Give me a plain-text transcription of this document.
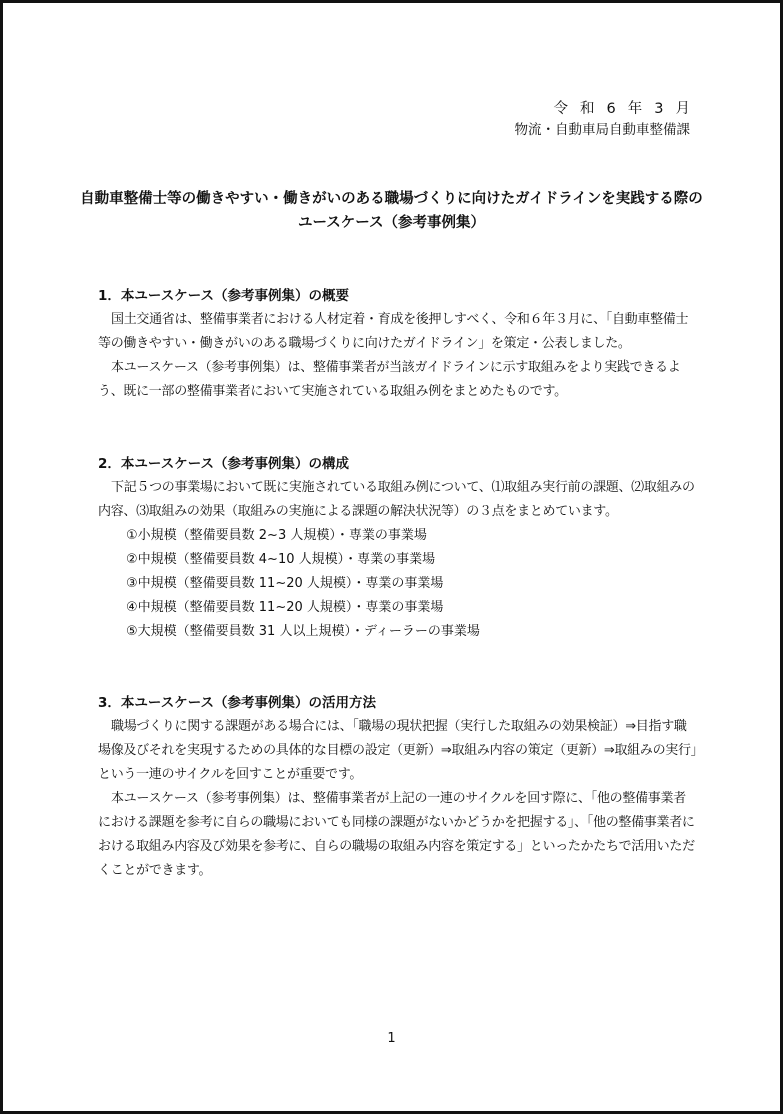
令和6年3月
物流・自動車局自動車整備課
自動車整備士等の働きやすい・働きがいのある職場づくりに向けたガイドラインを実践する際の
ユースケース（参考事例集）

1．本ユースケース（参考事例集）の概要

国土交通省は、整備事業者における人材定着・育成を後押しすべく、令和６年３月に、「自動車整備士等の働きやすい・働きがいのある職場づくりに向けたガイドライン」を策定・公表しました。

本ユースケース（参考事例集）は、整備事業者が当該ガイドラインに示す取組みをより実践できるよう、既に一部の整備事業者において実施されている取組み例をまとめたものです。

2．本ユースケース（参考事例集）の構成

下記５つの事業場において既に実施されている取組み例について、⑴取組み実行前の課題、⑵取組みの内容、⑶取組みの効果（取組みの実施による課題の解決状況等）の３点をまとめています。

①小規模（整備要員数 2~3 人規模）・専業の事業場

②中規模（整備要員数 4~10 人規模）・専業の事業場

③中規模（整備要員数 11~20 人規模）・専業の事業場

④中規模（整備要員数 11~20 人規模）・専業の事業場

⑤大規模（整備要員数 31 人以上規模）・ディーラーの事業場

3．本ユースケース（参考事例集）の活用方法

職場づくりに関する課題がある場合には、「職場の現状把握（実行した取組みの効果検証）⇒目指す職場像及びそれを実現するための具体的な目標の設定（更新）⇒取組み内容の策定（更新）⇒取組みの実行」という一連のサイクルを回すことが重要です。

本ユースケース（参考事例集）は、整備事業者が上記の一連のサイクルを回す際に、「他の整備事業者における課題を参考に自らの職場においても同様の課題がないかどうかを把握する」、「他の整備事業者における取組み内容及び効果を参考に、自らの職場の取組み内容を策定する」といったかたちで活用いただくことができます。

1
